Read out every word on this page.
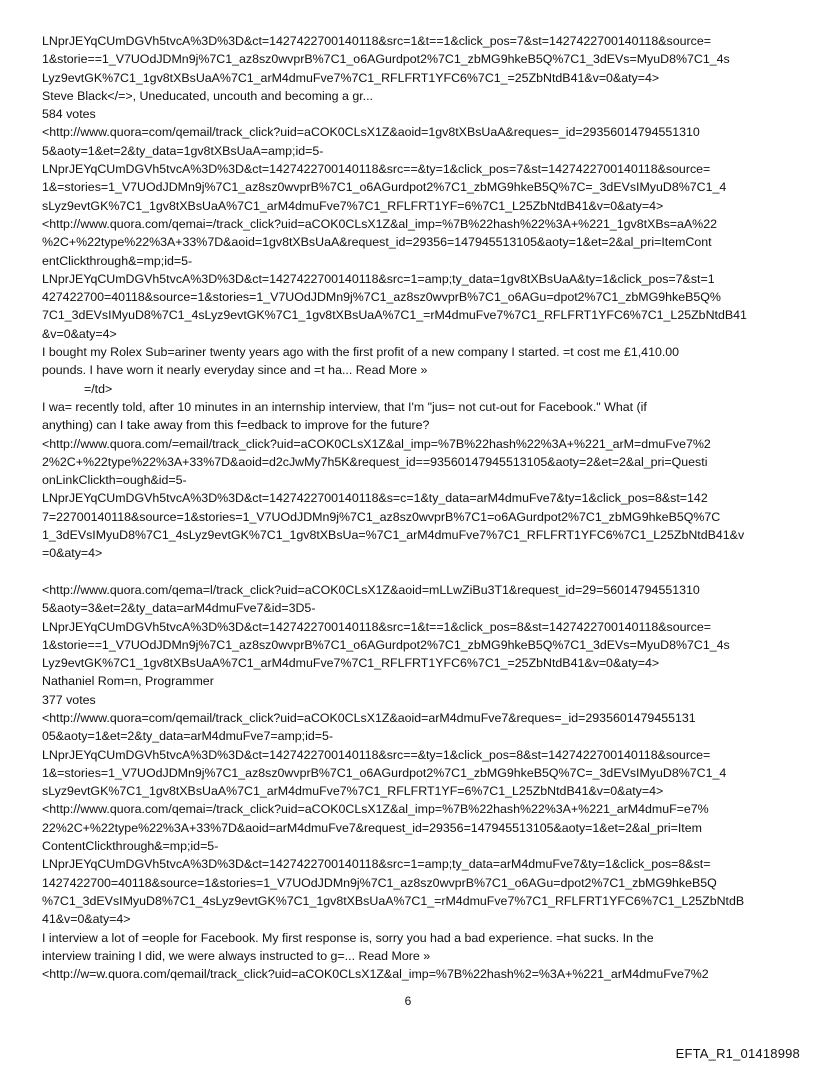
LNprJEYqCUmDGVh5tvcA%3D%3D&ct=1427422700140118&src=1&t==1&click_pos=7&st=1427422700140118&source=
1&storie==1_V7UOdJDMn9j%7C1_az8sz0wvprB%7C1_o6AGurdpot2%7C1_zbMG9hkeB5Q%7C1_3dEVs=MyuD8%7C1_4s
Lyz9evtGK%7C1_1gv8tXBsUaA%7C1_arM4dmuFve7%7C1_RFLFRT1YFC6%7C1_=25ZbNtdB41&v=0&aty=4>
Steve Black</=>, Uneducated, uncouth and becoming a gr...
584 votes
<http://www.quora=com/qemail/track_click?uid=aCOK0CLsX1Z&aoid=1gv8tXBsUaA&reques=_id=29356014794551310
5&aoty=1&et=2&ty_data=1gv8tXBsUaA=amp;id=5-
LNprJEYqCUmDGVh5tvcA%3D%3D&ct=1427422700140118&src==&ty=1&click_pos=7&st=1427422700140118&source=
1&=stories=1_V7UOdJDMn9j%7C1_az8sz0wvprB%7C1_o6AGurdpot2%7C1_zbMG9hkeB5Q%7C=_3dEVsIMyuD8%7C1_4
sLyz9evtGK%7C1_1gv8tXBsUaA%7C1_arM4dmuFve7%7C1_RFLFRT1YF=6%7C1_L25ZbNtdB41&v=0&aty=4>
<http://www.quora.com/qemai=/track_click?uid=aCOK0CLsX1Z&al_imp=%7B%22hash%22%3A+%221_1gv8tXBs=aA%22
%2C+%22type%22%3A+33%7D&aoid=1gv8tXBsUaA&request_id=29356=147945513105&aoty=1&et=2&al_pri=ItemCont
entClickthrough&=mp;id=5-
LNprJEYqCUmDGVh5tvcA%3D%3D&ct=1427422700140118&src=1=amp;ty_data=1gv8tXBsUaA&ty=1&click_pos=7&st=1
427422700=40118&source=1&stories=1_V7UOdJDMn9j%7C1_az8sz0wvprB%7C1_o6AGu=dpot2%7C1_zbMG9hkeB5Q%
7C1_3dEVsIMyuD8%7C1_4sLyz9evtGK%7C1_1gv8tXBsUaA%7C1_=rM4dmuFve7%7C1_RFLFRT1YFC6%7C1_L25ZbNtdB41
&v=0&aty=4>
I bought my Rolex Sub=ariner twenty years ago with the first profit of a new company I started. =t cost me £1,410.00
pounds. I have worn it nearly everyday since and =t ha... Read More »
=/td>
I wa= recently told, after 10 minutes in an internship interview, that I'm "jus= not cut-out for Facebook." What (if
anything) can I take away from this f=edback to improve for the future?
<http://www.quora.com/=email/track_click?uid=aCOK0CLsX1Z&al_imp=%7B%22hash%22%3A+%221_arM=dmuFve7%2
2%2C+%22type%22%3A+33%7D&aoid=d2cJwMy7h5K&request_id==93560147945513105&aoty=2&et=2&al_pri=Questi
onLinkClickth=ough&id=5-
LNprJEYqCUmDGVh5tvcA%3D%3D&ct=1427422700140118&s=c=1&ty_data=arM4dmuFve7&ty=1&click_pos=8&st=142
7=22700140118&source=1&stories=1_V7UOdJDMn9j%7C1_az8sz0wvprB%7C1=o6AGurdpot2%7C1_zbMG9hkeB5Q%7C
1_3dEVsIMyuD8%7C1_4sLyz9evtGK%7C1_1gv8tXBsUa=%7C1_arM4dmuFve7%7C1_RFLFRT1YFC6%7C1_L25ZbNtdB41&v
=0&aty=4>
<http://www.quora.com/qema=l/track_click?uid=aCOK0CLsX1Z&aoid=mLLwZiBu3T1&request_id=29=56014794551310
5&aoty=3&et=2&ty_data=arM4dmuFve7&id=3D5-
LNprJEYqCUmDGVh5tvcA%3D%3D&ct=1427422700140118&src=1&t==1&click_pos=8&st=1427422700140118&source=
1&storie==1_V7UOdJDMn9j%7C1_az8sz0wvprB%7C1_o6AGurdpot2%7C1_zbMG9hkeB5Q%7C1_3dEVs=MyuD8%7C1_4s
Lyz9evtGK%7C1_1gv8tXBsUaA%7C1_arM4dmuFve7%7C1_RFLFRT1YFC6%7C1_=25ZbNtdB41&v=0&aty=4>
Nathaniel Rom=n, Programmer
377 votes
<http://www.quora=com/qemail/track_click?uid=aCOK0CLsX1Z&aoid=arM4dmuFve7&reques=_id=2935601479455131
05&aoty=1&et=2&ty_data=arM4dmuFve7=amp;id=5-
LNprJEYqCUmDGVh5tvcA%3D%3D&ct=1427422700140118&src==&ty=1&click_pos=8&st=1427422700140118&source=
1&=stories=1_V7UOdJDMn9j%7C1_az8sz0wvprB%7C1_o6AGurdpot2%7C1_zbMG9hkeB5Q%7C=_3dEVsIMyuD8%7C1_4
sLyz9evtGK%7C1_1gv8tXBsUaA%7C1_arM4dmuFve7%7C1_RFLFRT1YF=6%7C1_L25ZbNtdB41&v=0&aty=4>
<http://www.quora.com/qemai=/track_click?uid=aCOK0CLsX1Z&al_imp=%7B%22hash%22%3A+%221_arM4dmuF=e7%
22%2C+%22type%22%3A+33%7D&aoid=arM4dmuFve7&request_id=29356=147945513105&aoty=1&et=2&al_pri=Item
ContentClickthrough&=mp;id=5-
LNprJEYqCUmDGVh5tvcA%3D%3D&ct=1427422700140118&src=1=amp;ty_data=arM4dmuFve7&ty=1&click_pos=8&st=
1427422700=40118&source=1&stories=1_V7UOdJDMn9j%7C1_az8sz0wvprB%7C1_o6AGu=dpot2%7C1_zbMG9hkeB5Q
%7C1_3dEVsIMyuD8%7C1_4sLyz9evtGK%7C1_1gv8tXBsUaA%7C1_=rM4dmuFve7%7C1_RFLFRT1YFC6%7C1_L25ZbNtdB
41&v=0&aty=4>
I interview a lot of =eople for Facebook. My first response is, sorry you had a bad experience. =hat sucks. In the
interview training I did, we were always instructed to g=... Read More »
<http://w=w.quora.com/qemail/track_click?uid=aCOK0CLsX1Z&al_imp=%7B%22hash%2=%3A+%221_arM4dmuFve7%2
6
EFTA_R1_01418998
